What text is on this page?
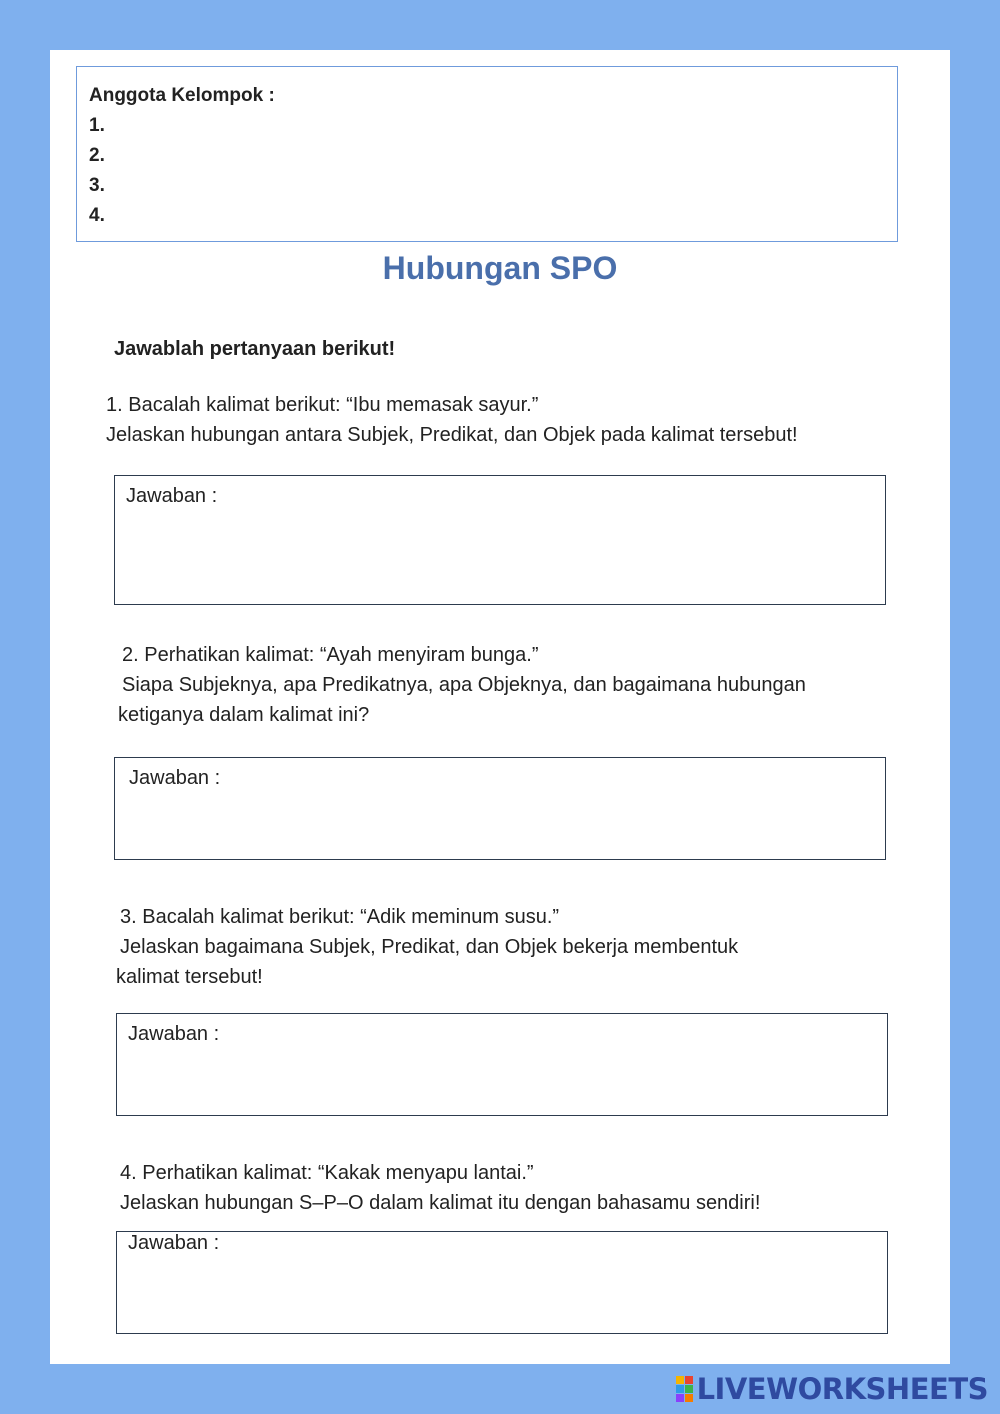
Anggota Kelompok :
1.
2.
3.
4.
Hubungan SPO
Jawablah pertanyaan berikut!
1. Bacalah kalimat berikut: “Ibu memasak sayur.”
Jelaskan hubungan antara Subjek, Predikat, dan Objek pada kalimat tersebut!
Jawaban :
2. Perhatikan kalimat: “Ayah menyiram bunga.”
Siapa Subjeknya, apa Predikatnya, apa Objeknya, dan bagaimana hubungan
ketiganya dalam kalimat ini?
Jawaban :
3. Bacalah kalimat berikut: “Adik meminum susu.”
Jelaskan bagaimana Subjek, Predikat, dan Objek bekerja membentuk
kalimat tersebut!
Jawaban :
4. Perhatikan kalimat: “Kakak menyapu lantai.”
Jelaskan hubungan S–P–O dalam kalimat itu dengan bahasamu sendiri!
Jawaban :
LIVEWORKSHEETS
